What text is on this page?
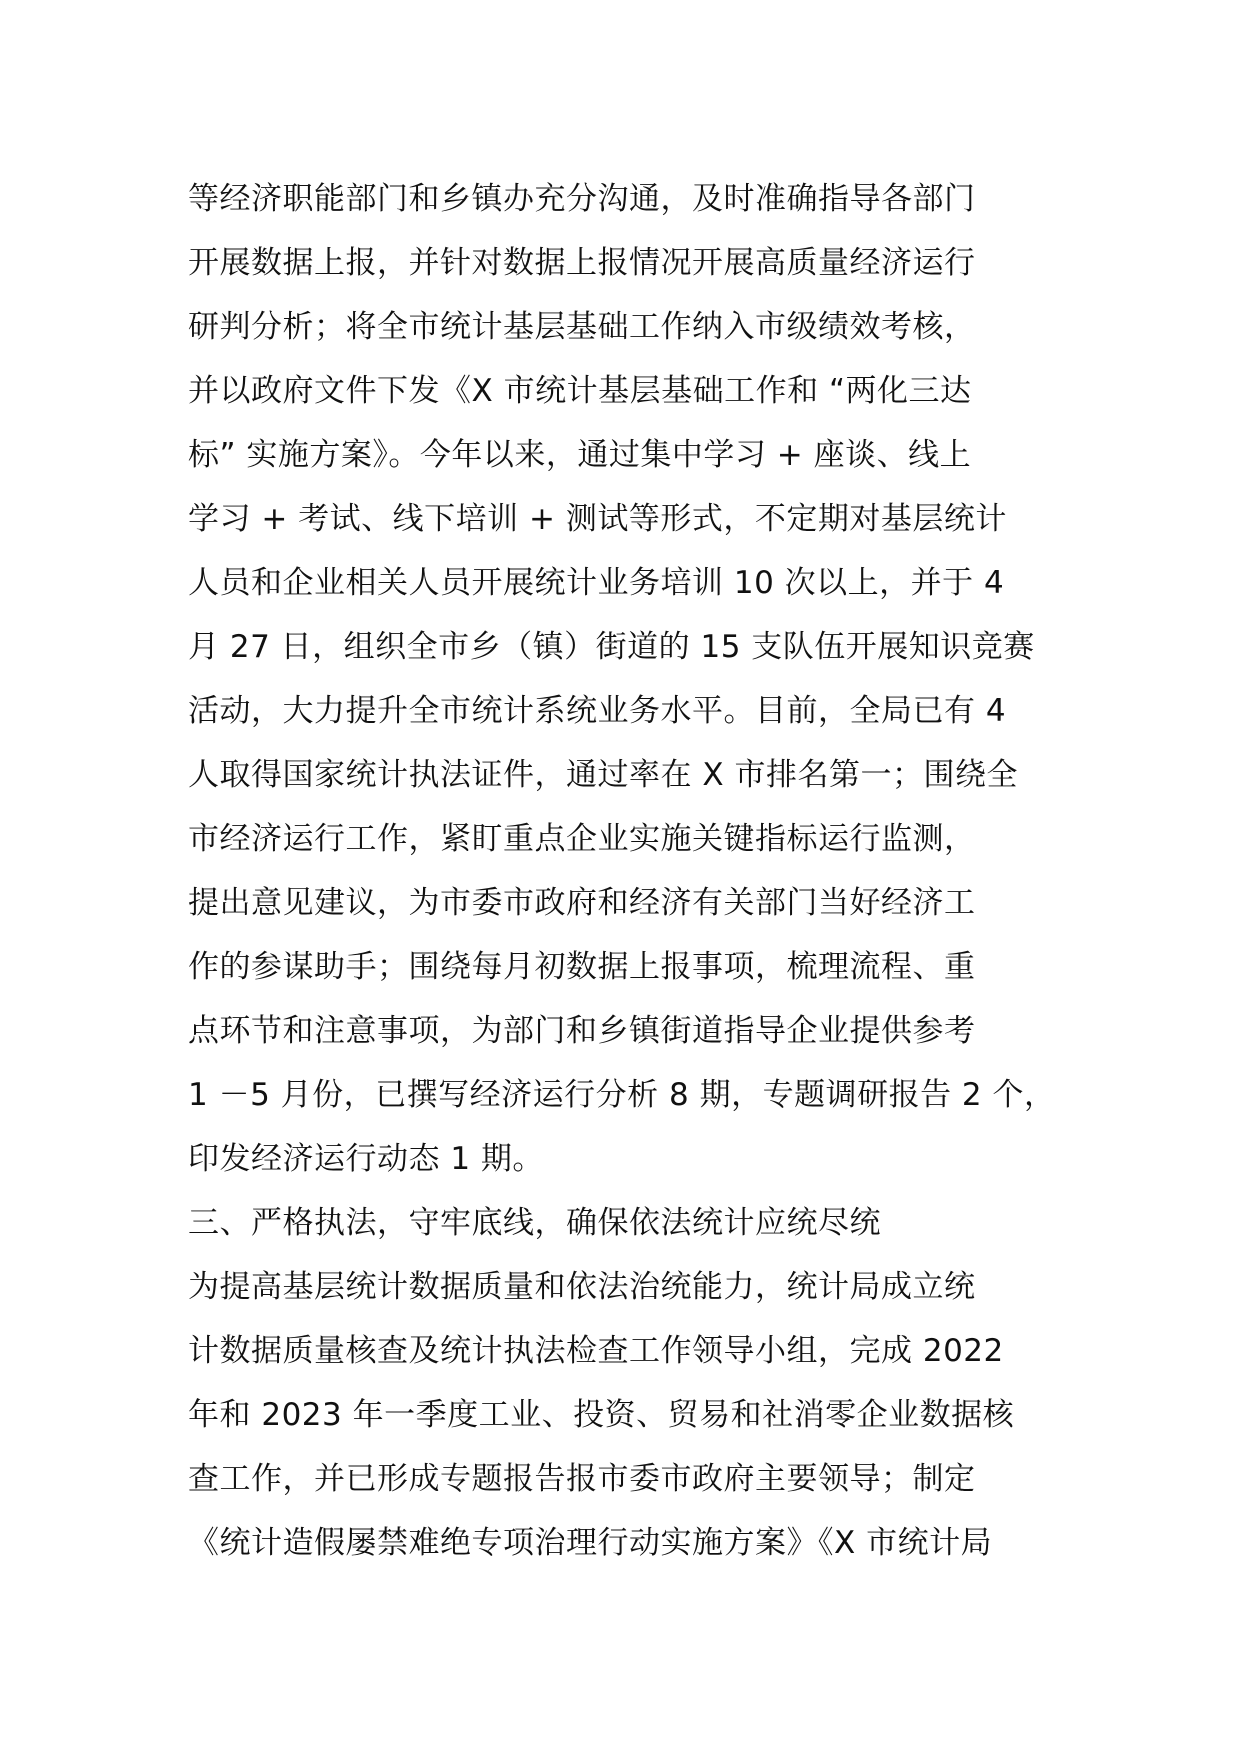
等经济职能部门和乡镇办充分沟通，及时准确指导各部门
开展数据上报，并针对数据上报情况开展高质量经济运行
研判分析；将全市统计基层基础工作纳入市级绩效考核，
并以政府文件下发《X 市统计基层基础工作和 “两化三达
标” 实施方案》。今年以来，通过集中学习 + 座谈、线上
学习 + 考试、线下培训 + 测试等形式，不定期对基层统计
人员和企业相关人员开展统计业务培训 10 次以上，并于 4
月 27 日，组织全市乡（镇）街道的 15 支队伍开展知识竞赛
活动，大力提升全市统计系统业务水平。目前，全局已有 4
人取得国家统计执法证件，通过率在 X 市排名第一；围绕全
市经济运行工作，紧盯重点企业实施关键指标运行监测，
提出意见建议，为市委市政府和经济有关部门当好经济工
作的参谋助手；围绕每月初数据上报事项，梳理流程、重
点环节和注意事项，为部门和乡镇街道指导企业提供参考
1 －5 月份，已撰写经济运行分析 8 期，专题调研报告 2 个，
印发经济运行动态 1 期。
三、严格执法，守牢底线，确保依法统计应统尽统
为提高基层统计数据质量和依法治统能力，统计局成立统
计数据质量核查及统计执法检查工作领导小组，完成 2022
年和 2023 年一季度工业、投资、贸易和社消零企业数据核
查工作，并已形成专题报告报市委市政府主要领导；制定
《统计造假屡禁难绝专项治理行动实施方案》《X 市统计局
